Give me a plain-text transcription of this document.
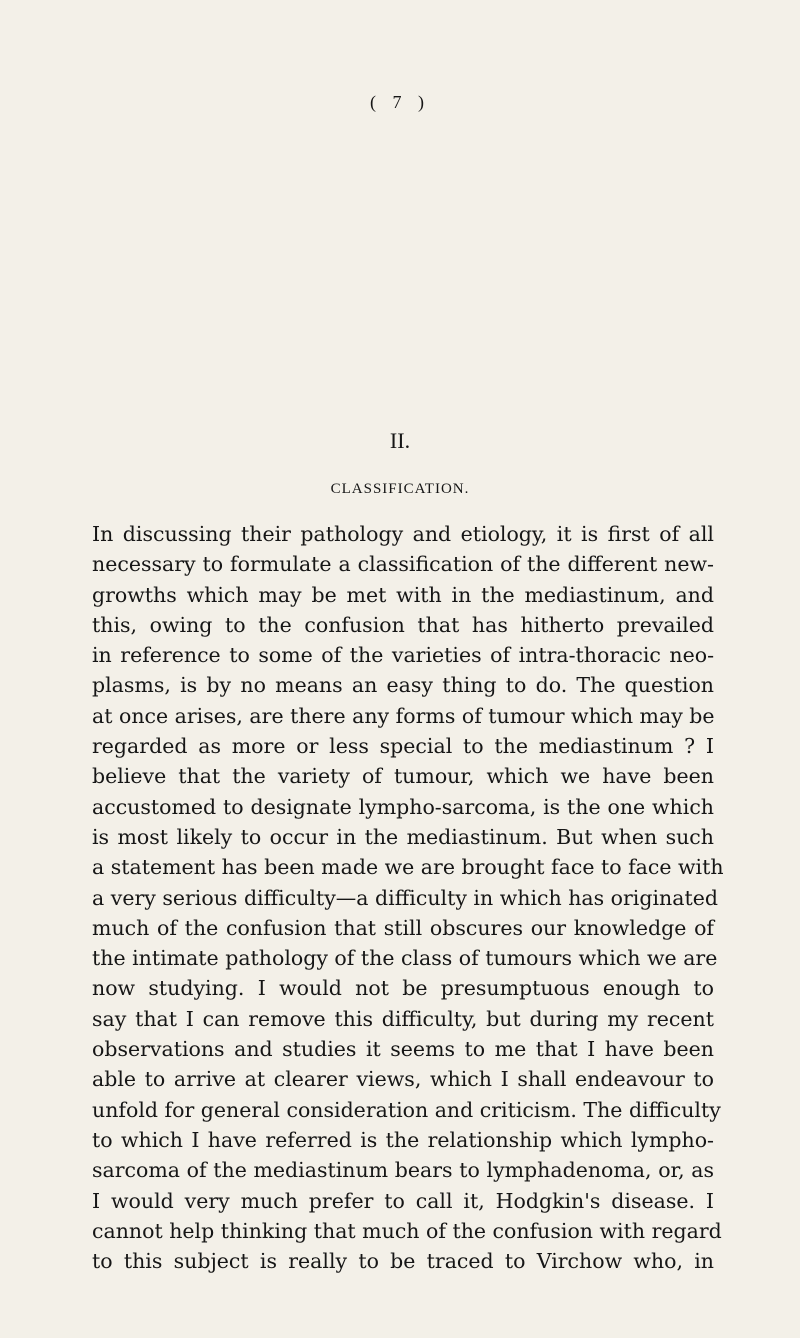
( 7 )
II.
CLASSIFICATION.
In discussing their pathology and etiology, it is first of all
necessary to formulate a classification of the different new-
growths which may be met with in the mediastinum, and
this, owing to the confusion that has hitherto prevailed
in reference to some of the varieties of intra-thoracic neo-
plasms, is by no means an easy thing to do. The question
at once arises, are there any forms of tumour which may be
regarded as more or less special to the mediastinum ? I
believe that the variety of tumour, which we have been
accustomed to designate lympho-sarcoma, is the one which
is most likely to occur in the mediastinum. But when such
a statement has been made we are brought face to face with
a very serious difficulty—a difficulty in which has originated
much of the confusion that still obscures our knowledge of
the intimate pathology of the class of tumours which we are
now studying. I would not be presumptuous enough to
say that I can remove this difficulty, but during my recent
observations and studies it seems to me that I have been
able to arrive at clearer views, which I shall endeavour to
unfold for general consideration and criticism. The difficulty
to which I have referred is the relationship which lympho-
sarcoma of the mediastinum bears to lymphadenoma, or, as
I would very much prefer to call it, Hodgkin's disease. I
cannot help thinking that much of the confusion with regard
to this subject is really to be traced to Virchow who, in
